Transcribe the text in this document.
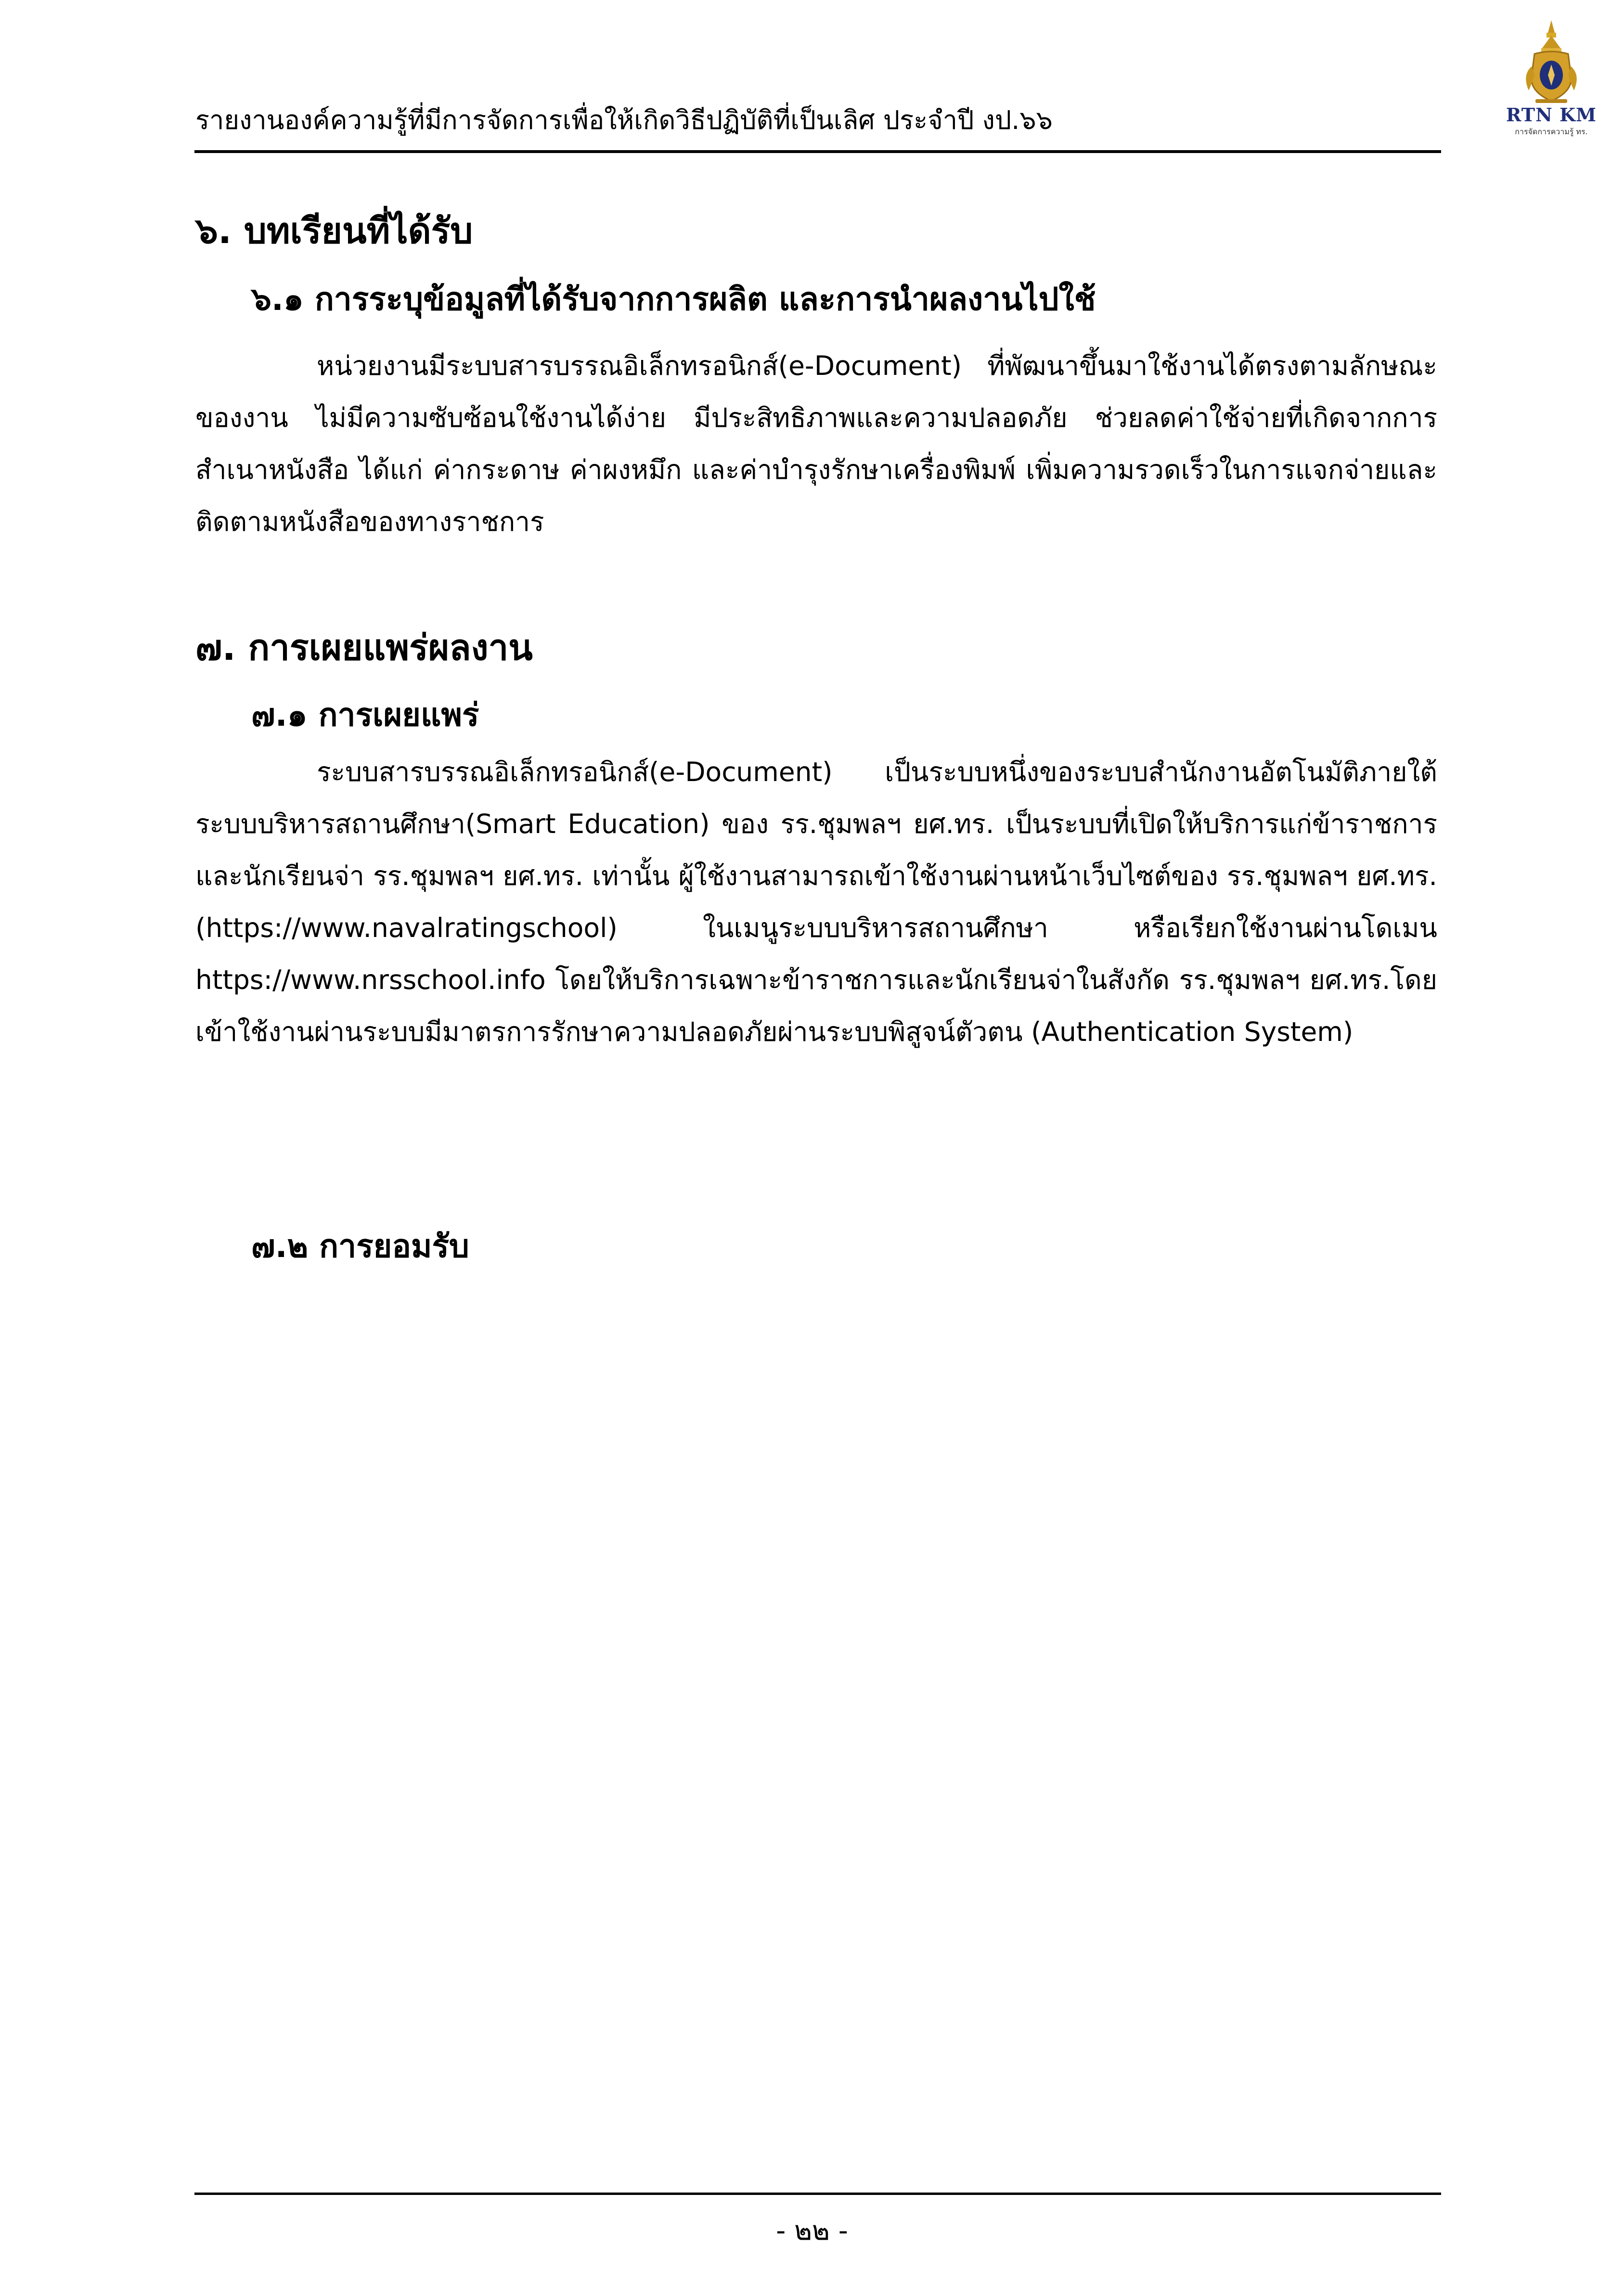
รายงานองค์ความรู้ที่มีการจัดการเพื่อให้เกิดวิธีปฏิบัติที่เป็นเลิศ ประจำปี งป.๖๖	RTN KM
การจัดการความรู้ ทร.
๖. บทเรียนที่ได้รับ
๖.๑ การระบุข้อมูลที่ได้รับจากการผลิต และการนำผลงานไปใช้

หน่วยงานมีระบบสารบรรณอิเล็กทรอนิกส์(e-Document) ที่พัฒนาขึ้นมาใช้งานได้ตรงตามลักษณะของงาน ไม่มีความซับซ้อนใช้งานได้ง่าย มีประสิทธิภาพและความปลอดภัย ช่วยลดค่าใช้จ่ายที่เกิดจากการสำเนาหนังสือ ได้แก่ ค่ากระดาษ ค่าผงหมึก และค่าบำรุงรักษาเครื่องพิมพ์ เพิ่มความรวดเร็วในการแจกจ่ายและติดตามหนังสือของทางราชการ

๗. การเผยแพร่ผลงาน
๗.๑ การเผยแพร่

ระบบสารบรรณอิเล็กทรอนิกส์(e-Document) เป็นระบบหนึ่งของระบบสำนักงานอัตโนมัติภายใต้ระบบบริหารสถานศึกษา(Smart Education) ของ รร.ชุมพลฯ ยศ.ทร. เป็นระบบที่เปิดให้บริการแก่ข้าราชการและนักเรียนจ่า รร.ชุมพลฯ ยศ.ทร. เท่านั้น ผู้ใช้งานสามารถเข้าใช้งานผ่านหน้าเว็บไซต์ของ รร.ชุมพลฯ ยศ.ทร. (https://www.navalratingschool) ในเมนูระบบบริหารสถานศึกษา หรือเรียกใช้งานผ่านโดเมน https://www.nrsschool.info โดยให้บริการเฉพาะข้าราชการและนักเรียนจ่าในสังกัด รร.ชุมพลฯ ยศ.ทร.โดยเข้าใช้งานผ่านระบบมีมาตรการรักษาความปลอดภัยผ่านระบบพิสูจน์ตัวตน (Authentication System)

๗.๒ การยอมรับ
- ๒๒ -
